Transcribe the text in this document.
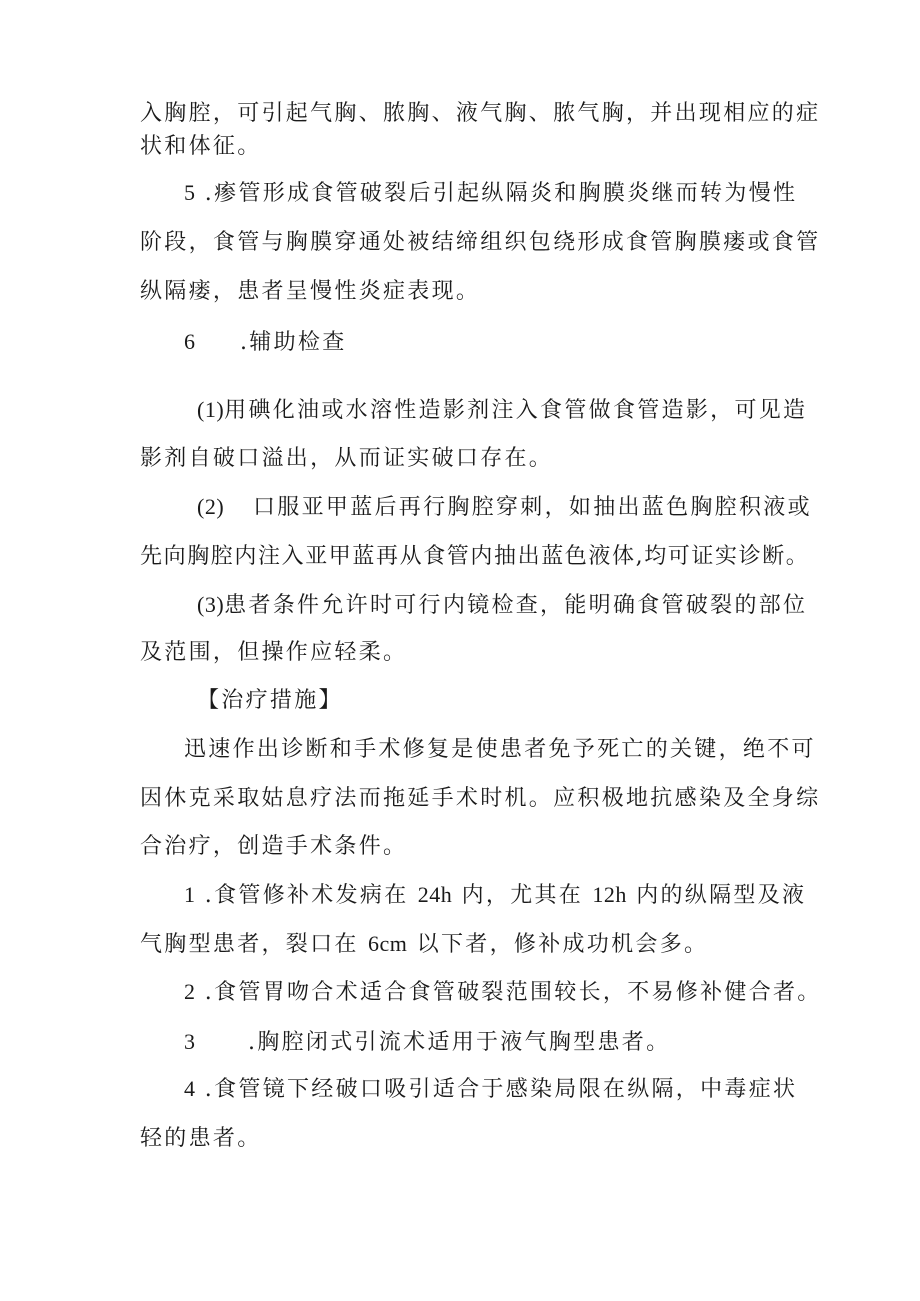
入胸腔，可引起气胸、脓胸、液气胸、脓气胸，并出现相应的症
状和体征。
5 .瘆管形成食管破裂后引起纵隔炎和胸膜炎继而转为慢性
阶段，食管与胸膜穿通处被结缔组织包绕形成食管胸膜瘘或食管
纵隔瘘，患者呈慢性炎症表现。
6 .辅助检查
(1)用碘化油或水溶性造影剂注入食管做食管造影，可见造
影剂自破口溢出，从而证实破口存在。
(2) 口服亚甲蓝后再行胸腔穿刺，如抽出蓝色胸腔积液或
先向胸腔内注入亚甲蓝再从食管内抽出蓝色液体,均可证实诊断。
(3)患者条件允许时可行内镜检查，能明确食管破裂的部位
及范围，但操作应轻柔。
【治疗措施】
迅速作出诊断和手术修复是使患者免予死亡的关键，绝不可
因休克采取姑息疗法而拖延手术时机。应积极地抗感染及全身综
合治疗，创造手术条件。
1 .食管修补术发病在 24h 内，尤其在 12h 内的纵隔型及液
气胸型患者，裂口在 6cm 以下者，修补成功机会多。
2 .食管胃吻合术适合食管破裂范围较长，不易修补健合者。
3 .胸腔闭式引流术适用于液气胸型患者。
4 .食管镜下经破口吸引适合于感染局限在纵隔，中毒症状
轻的患者。
